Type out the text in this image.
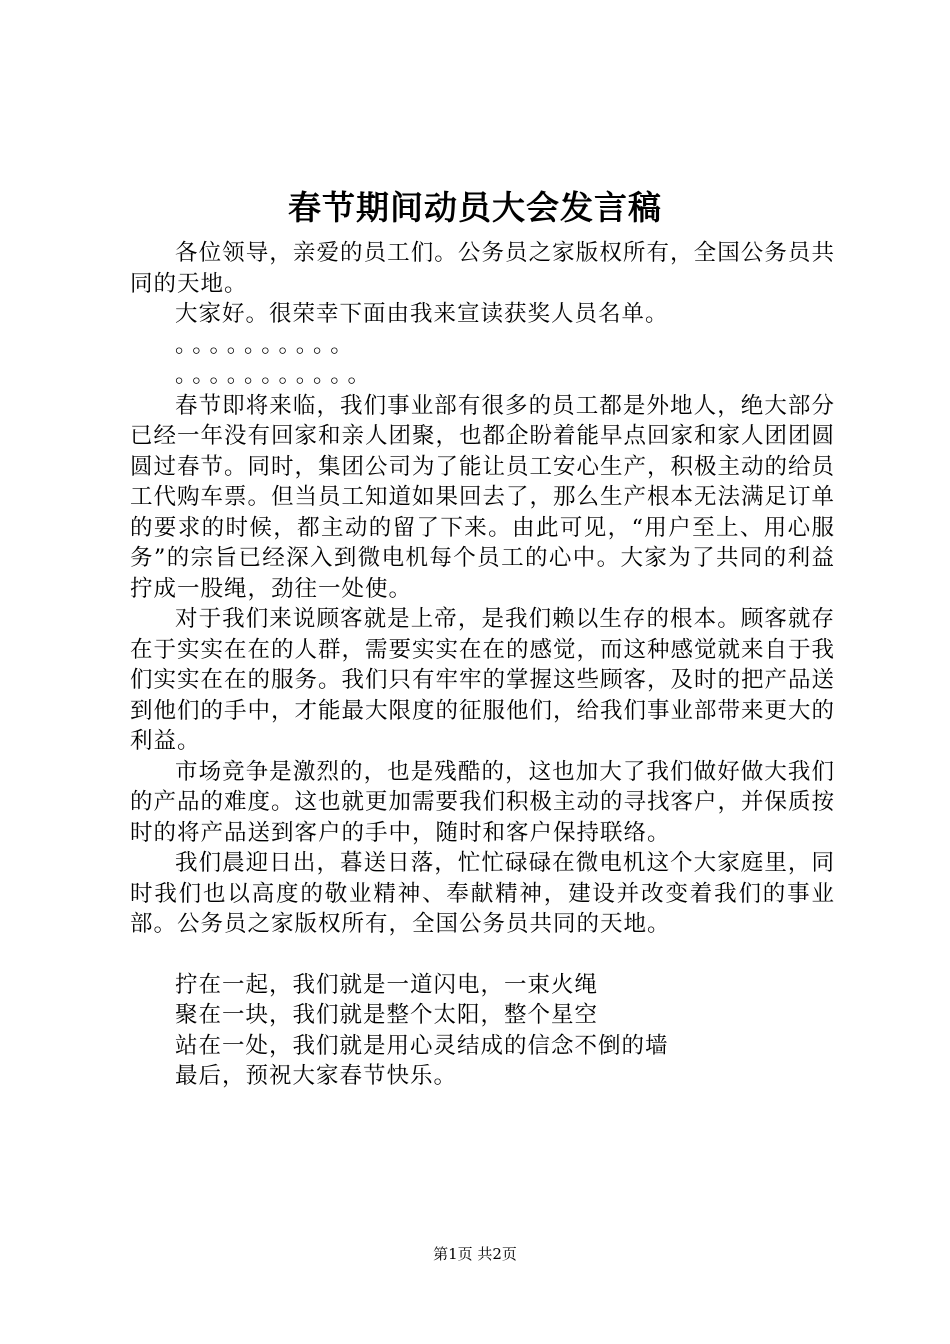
春节期间动员大会发言稿

各位领导，亲爱的员工们。公务员之家版权所有，全国公务员共同的天地。

大家好。很荣幸下面由我来宣读获奖人员名单。

。。。。。。。。。。

。。。。。。。。。。。

春节即将来临，我们事业部有很多的员工都是外地人，绝大部分已经一年没有回家和亲人团聚，也都企盼着能早点回家和家人团团圆圆过春节。同时，集团公司为了能让员工安心生产，积极主动的给员工代购车票。但当员工知道如果回去了，那么生产根本无法满足订单的要求的时候，都主动的留了下来。由此可见，“用户至上、用心服务”的宗旨已经深入到微电机每个员工的心中。大家为了共同的利益拧成一股绳，劲往一处使。

对于我们来说顾客就是上帝，是我们赖以生存的根本。顾客就存在于实实在在的人群，需要实实在在的感觉，而这种感觉就来自于我们实实在在的服务。我们只有牢牢的掌握这些顾客，及时的把产品送到他们的手中，才能最大限度的征服他们，给我们事业部带来更大的利益。

市场竞争是激烈的，也是残酷的，这也加大了我们做好做大我们的产品的难度。这也就更加需要我们积极主动的寻找客户，并保质按时的将产品送到客户的手中，随时和客户保持联络。

我们晨迎日出，暮送日落，忙忙碌碌在微电机这个大家庭里，同时我们也以高度的敬业精神、奉献精神，建设并改变着我们的事业部。公务员之家版权所有，全国公务员共同的天地。

拧在一起，我们就是一道闪电，一束火绳

聚在一块，我们就是整个太阳，整个星空

站在一处，我们就是用心灵结成的信念不倒的墙

最后，预祝大家春节快乐。

第1页 共2页
